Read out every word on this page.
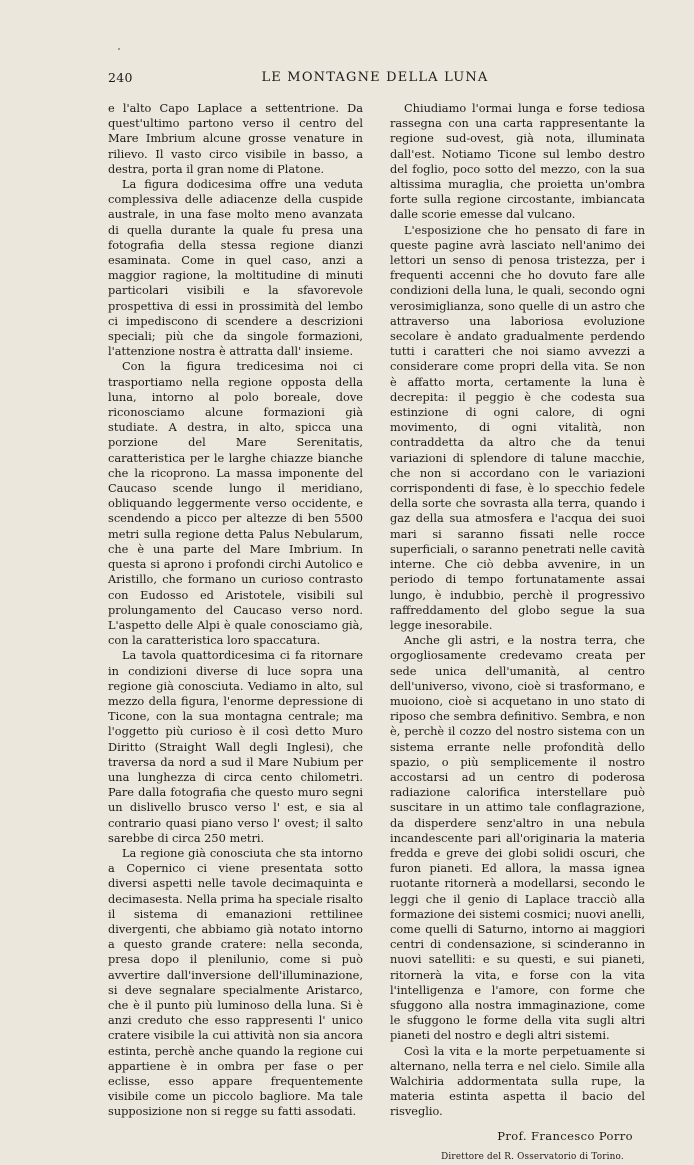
240	LE MONTAGNE DELLA LUNA

e l'alto Capo Laplace a settentrione. Da quest'ultimo partono verso il centro del Mare Imbrium alcune grosse venature in rilievo. Il vasto circo visibile in basso, a destra, porta il gran nome di Platone.

La figura dodicesima offre una veduta complessiva delle adiacenze della cuspide australe, in una fase molto meno avanzata di quella durante la quale fu presa una fotografia della stessa regione dianzi esaminata. Come in quel caso, anzi a maggior ragione, la moltitudine di minuti particolari visibili e la sfavorevole prospettiva di essi in prossimità del lembo ci impediscono di scendere a descrizioni speciali; più che da singole formazioni, l'attenzione nostra è attratta dall' insieme.

Con la figura tredicesima noi ci trasportiamo nella regione opposta della luna, intorno al polo boreale, dove riconosciamo alcune formazioni già studiate. A destra, in alto, spicca una porzione del Mare Serenitatis, caratteristica per le larghe chiazze bianche che la ricoprono. La massa imponente del Caucaso scende lungo il meridiano, obliquando leggermente verso occidente, e scendendo a picco per altezze di ben 5500 metri sulla regione detta Palus Nebularum, che è una parte del Mare Imbrium. In questa si aprono i profondi circhi Autolico e Aristillo, che formano un curioso contrasto con Eudosso ed Aristotele, visibili sul prolungamento del Caucaso verso nord. L'aspetto delle Alpi è quale conosciamo già, con la caratteristica loro spaccatura.

La tavola quattordicesima ci fa ritornare in condizioni diverse di luce sopra una regione già conosciuta. Vediamo in alto, sul mezzo della figura, l'enorme depressione di Ticone, con la sua montagna centrale; ma l'oggetto più curioso è il così detto Muro Diritto (Straight Wall degli Inglesi), che traversa da nord a sud il Mare Nubium per una lunghezza di circa cento chilometri. Pare dalla fotografia che questo muro segni un dislivello brusco verso l' est, e sia al contrario quasi piano verso l' ovest; il salto sarebbe di circa 250 metri.

La regione già conosciuta che sta intorno a Copernico ci viene presentata sotto diversi aspetti nelle tavole decimaquinta e decimasesta. Nella prima ha speciale risalto il sistema di emanazioni rettilinee divergenti, che abbiamo già notato intorno a questo grande cratere: nella seconda, presa dopo il plenilunio, come si può avvertire dall'inversione dell'illuminazione, si deve segnalare specialmente Aristarco, che è il punto più luminoso della luna. Si è anzi creduto che esso rappresenti l' unico cratere visibile la cui attività non sia ancora estinta, perchè anche quando la regione cui appartiene è in ombra per fase o per eclisse, esso appare frequentemente visibile come un piccolo bagliore. Ma tale supposizione non si regge su fatti assodati.

Chiudiamo l'ormai lunga e forse tediosa rassegna con una carta rappresentante la regione sud-ovest, già nota, illuminata dall'est. Notiamo Ticone sul lembo destro del foglio, poco sotto del mezzo, con la sua altissima muraglia, che proietta un'ombra forte sulla regione circostante, imbiancata dalle scorie emesse dal vulcano.

L'esposizione che ho pensato di fare in queste pagine avrà lasciato nell'animo dei lettori un senso di penosa tristezza, per i frequenti accenni che ho dovuto fare alle condizioni della luna, le quali, secondo ogni verosimiglianza, sono quelle di un astro che attraverso una laboriosa evoluzione secolare è andato gradualmente perdendo tutti i caratteri che noi siamo avvezzi a considerare come propri della vita. Se non è affatto morta, certamente la luna è decrepita: il peggio è che codesta sua estinzione di ogni calore, di ogni movimento, di ogni vitalità, non contraddetta da altro che da tenui variazioni di splendore di talune macchie, che non si accordano con le variazioni corrispondenti di fase, è lo specchio fedele della sorte che sovrasta alla terra, quando i gaz della sua atmosfera e l'acqua dei suoi mari si saranno fissati nelle rocce superficiali, o saranno penetrati nelle cavità interne. Che ciò debba avvenire, in un periodo di tempo fortunatamente assai lungo, è indubbio, perchè il progressivo raffreddamento del globo segue la sua legge inesorabile.

Anche gli astri, e la nostra terra, che orgogliosamente credevamo creata per sede unica dell'umanità, al centro dell'universo, vivono, cioè si trasformano, e muoiono, cioè si acquetano in uno stato di riposo che sembra definitivo. Sembra, e non è, perchè il cozzo del nostro sistema con un sistema errante nelle profondità dello spazio, o più semplicemente il nostro accostarsi ad un centro di poderosa radiazione calorifica interstellare può suscitare in un attimo tale conflagrazione, da disperdere senz'altro in una nebula incandescente pari all'originaria la materia fredda e greve dei globi solidi oscuri, che furon pianeti. Ed allora, la massa ignea ruotante ritornerà a modellarsi, secondo le leggi che il genio di Laplace tracciò alla formazione dei sistemi cosmici; nuovi anelli, come quelli di Saturno, intorno ai maggiori centri di condensazione, si scinderanno in nuovi satelliti: e su questi, e sui pianeti, ritornerà la vita, e forse con la vita l'intelligenza e l'amore, con forme che sfuggono alla nostra immaginazione, come le sfuggono le forme della vita sugli altri pianeti del nostro e degli altri sistemi.

Così la vita e la morte perpetuamente si alternano, nella terra e nel cielo. Simile alla Walchiria addormentata sulla rupe, la materia estinta aspetta il bacio del risveglio.

Prof. Francesco Porro
Direttore del R. Osservatorio di Torino.
